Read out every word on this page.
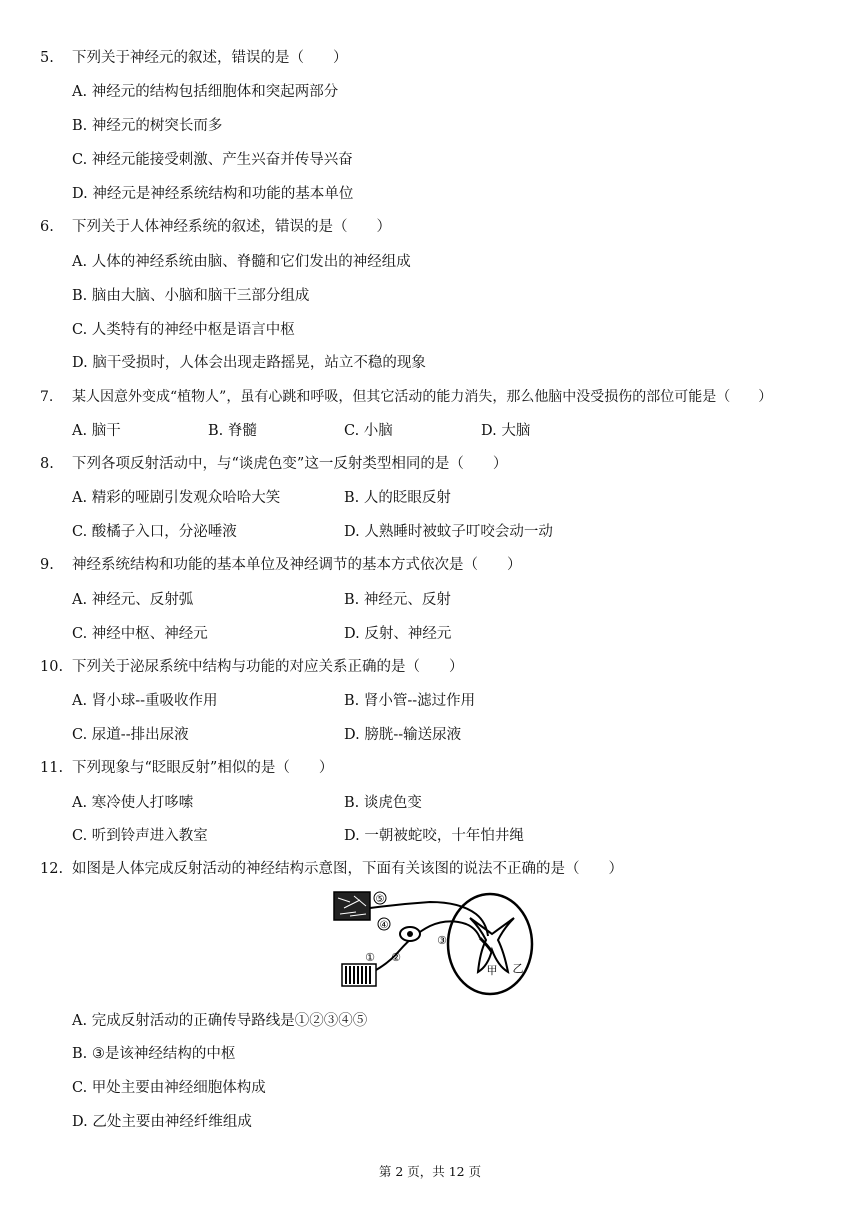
5. 下列关于神经元的叙述，错误的是（　　）
A. 神经元的结构包括细胞体和突起两部分
B. 神经元的树突长而多
C. 神经元能接受刺激、产生兴奋并传导兴奋
D. 神经元是神经系统结构和功能的基本单位
6. 下列关于人体神经系统的叙述，错误的是（　　）
A. 人体的神经系统由脑、脊髓和它们发出的神经组成
B. 脑由大脑、小脑和脑干三部分组成
C. 人类特有的神经中枢是语言中枢
D. 脑干受损时，人体会出现走路摇晃，站立不稳的现象
7. 某人因意外变成“植物人”，虽有心跳和呼吸，但其它活动的能力消失，那么他脑中没受损伤的部位可能是（　　）
A. 脑干	B. 脊髓	C. 小脑	D. 大脑
8. 下列各项反射活动中，与“谈虎色变”这一反射类型相同的是（　　）
A. 精彩的哑剧引发观众哈哈大笑	B. 人的眨眼反射
C. 酸橘子入口，分泌唾液	D. 人熟睡时被蚊子叮咬会动一动
9. 神经系统结构和功能的基本单位及神经调节的基本方式依次是（　　）
A. 神经元、反射弧	B. 神经元、反射
C. 神经中枢、神经元	D. 反射、神经元
10. 下列关于泌尿系统中结构与功能的对应关系正确的是（　　）
A. 肾小球--重吸收作用	B. 肾小管--滤过作用
C. 尿道--排出尿液	D. 膀胱--输送尿液
11. 下列现象与“眨眼反射”相似的是（　　）
A. 寒冷使人打哆嗦	B. 谈虎色变
C. 听到铃声进入教室	D. 一朝被蛇咬，十年怕井绳
12. 如图是人体完成反射活动的神经结构示意图，下面有关该图的说法不正确的是（　　）
⑤
④
① ②
③
甲 乙
A. 完成反射活动的正确传导路线是①②③④⑤
B. ③是该神经结构的中枢
C. 甲处主要由神经细胞体构成
D. 乙处主要由神经纤维组成
第 2 页，共 12 页
